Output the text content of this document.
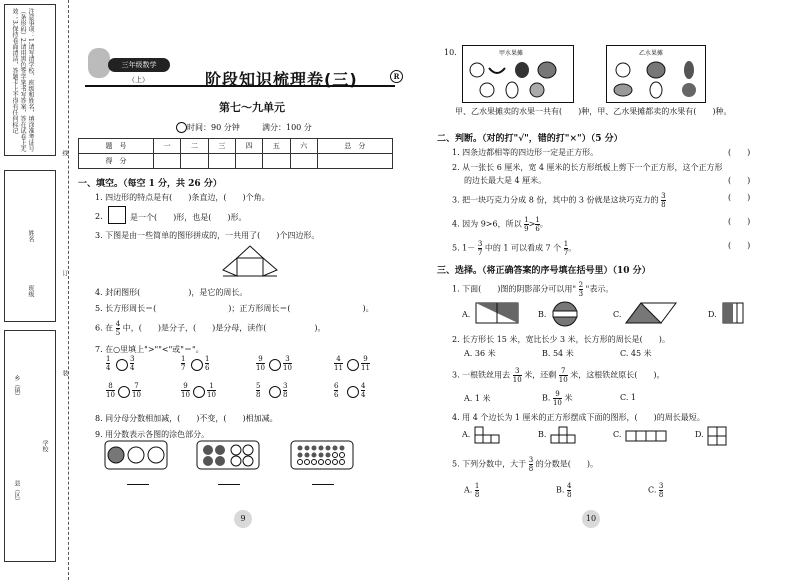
注意事项：1.请写清学校、班级和姓名，填涂准考证号（条形码）2.请用黑色签字笔书写答案，答在试卷上无效；3.保持卷面清洁，答题卡上不得有任何标记
班级
姓名
县（区）
乡（镇）
学校
线
订
装
三年级数学
（上）	阶段知识梳理卷(三)	R
第七～九单元
时间：90 分钟	满分：100 分
题　号	一	二	三	四	五	六	总　分
得　分							
一、填空。（每空 1 分，共 26 分）
1. 四边形的特点是有(　　)条直边，(　　)个角。
2.	是一个(　　)形，也是(　　)形。
3. 下图是由一些简单的图形拼成的，一共用了(　　)个四边形。
4. 封闭图形(　　　　　　)，是它的周长。
5. 长方形周长＝(　　　　　　　　　)；正方形周长＝(　　　　　　　　　)。
6. 在 $\frac{4}{5}$ 中，(　　)是分子，(　　)是分母，读作(　　　　　　)。
7. 在○里填上">""<"或"＝"。
$\frac{1}{4}$	$\frac{3}{4}$	$\frac{1}{7}$	$\frac{1}{6}$	$\frac{9}{10}$	$\frac{3}{10}$	$\frac{4}{11}$	$\frac{9}{11}$
$\frac{8}{10} \frac{7}{10}$	$\frac{9}{10} \frac{1}{10}$	$\frac{5}{8}$	$\frac{3}{8}$	$\frac{6}{6}$	$\frac{4}{4}$
8. 同分母分数相加减，(　　)不变，(　　)相加减。
9. 用分数表示各图的涂色部分。
9
10.	甲水果摊	乙水果摊
甲、乙水果摊卖的水果一共有(　　)种，甲、乙水果摊都卖的水果有(　　)种。
二、判断。（对的打"√"，错的打"×"）（5 分）
1. 四条边都相等的四边形一定是正方形。	(　　)
2. 从一张长 6 厘米，宽 4 厘米的长方形纸板上剪下一个正方形，这个正方形
的边长最大是 4 厘米。	(　　)
3. 把一块巧克力分成 8 份，其中的 3 份就是这块巧克力的 $\frac{3}{8}$	(　　)
4. 因为 9>6，所以 $\frac{1}{9} > \frac{1}{6}$ 。	(　　)
5. $1- \frac{3}{7}$ 中的 1 可以看成 7 个 $\frac{1}{7}$ 。	(　　)
三、选择。（将正确答案的序号填在括号里）（10 分）
1. 下面(　　)图的阴影部分可以用" $\frac{2}{3}$ "表示。
A.	B.	C.	D.
2. 长方形长 15 米，宽比长少 3 米，长方形的周长是(　　)。
A. 36 米	B. 54 米	C. 45 米
3. 一根铁丝用去 $\frac{3}{10}$ 米，还剩 $\frac{7}{10}$ 米，这根铁丝原长(　　)。
A. 1 米	B. $\frac{9}{10}$ 米	C. 1
4. 用 4 个边长为 1 厘米的正方形摆成下面的图形，(　　)的周长最短。
A.	B.	C.	D.
5. 下列分数中，大于 $\frac{3}{8}$ 的分数是(　　)。
A. $\frac{1}{8}$	B. $\frac{4}{8}$	C. $\frac{3}{8}$
10
